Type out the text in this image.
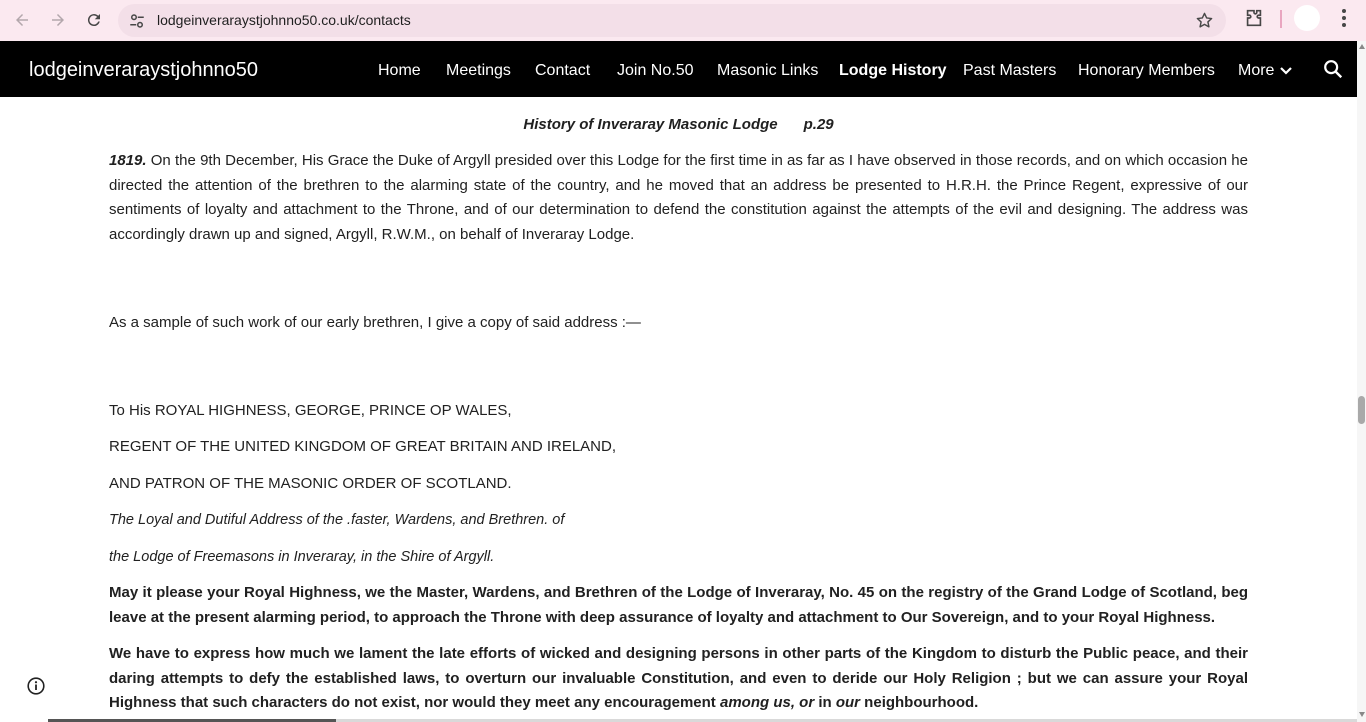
lodgeinveraraystjohnno50.co.uk/contacts
lodgeinveraraystjohnno50	Home Meetings Contact Join No.50 Masonic Links Lodge History Past Masters Honorary Members More
History of Inveraray Masonic Lodge p.29

1819. On the 9th December, His Grace the Duke of Argyll presided over this Lodge for the first time in as far as I have observed in those records, and on which occasion he directed the attention of the brethren to the alarming state of the country, and he moved that an address be presented to H.R.H. the Prince Regent, expressive of our sentiments of loyalty and attachment to the Throne, and of our determination to defend the constitution against the attempts of the evil and designing. The address was accordingly drawn up and signed, Argyll, R.W.M., on behalf of Inveraray Lodge.

As a sample of such work of our early brethren, I give a copy of said address :—

To His ROYAL HIGHNESS, GEORGE, PRINCE OP WALES,

REGENT OF THE UNITED KINGDOM OF GREAT BRITAIN AND IRELAND,

AND PATRON OF THE MASONIC ORDER OF SCOTLAND.

The Loyal and Dutiful Address of the .faster, Wardens, and Brethren. of

the Lodge of Freemasons in Inveraray, in the Shire of Argyll.

May it please your Royal Highness, we the Master, Wardens, and Brethren of the Lodge of Inveraray, No. 45 on the registry of the Grand Lodge of Scotland, beg leave at the present alarming period, to approach the Throne with deep assurance of loyalty and attachment to Our Sovereign, and to your Royal Highness.

We have to express how much we lament the late efforts of wicked and designing persons in other parts of the Kingdom to disturb the Public peace, and their daring attempts to defy the established laws, to overturn our invaluable Constitution, and even to deride our Holy Religion ; but we can assure your Royal Highness that such characters do not exist, nor would they meet any encouragement among us, or in our neighbourhood.
